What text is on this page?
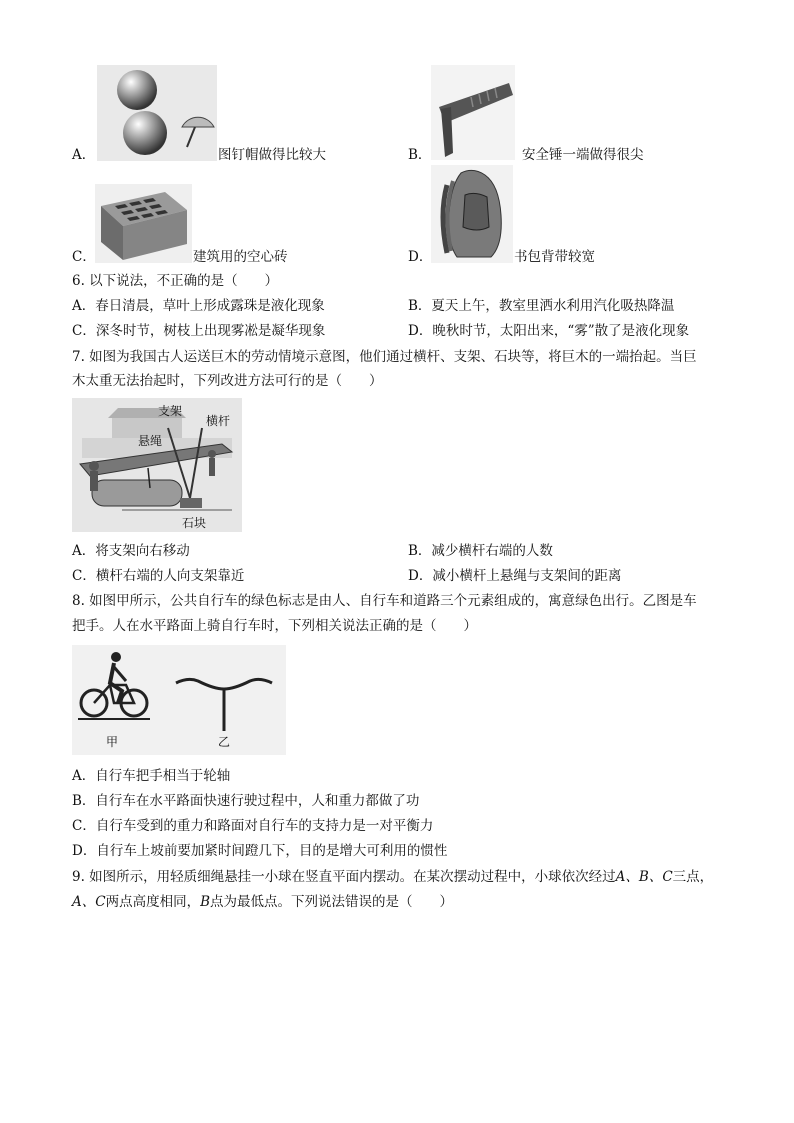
A．	图钉帽做得比较大	B．	安全锤一端做得很尖
C．	建筑用的空心砖	D．	书包背带较宽
6. 以下说法，不正确的是（　　）
A．春日清晨，草叶上形成露珠是液化现象	B．夏天上午，教室里洒水利用汽化吸热降温
C．深冬时节，树枝上出现雾凇是凝华现象	D．晚秋时节，太阳出来，“雾”散了是液化现象
7. 如图为我国古人运送巨木的劳动情境示意图，他们通过横杆、支架、石块等，将巨木的一端抬起。当巨
木太重无法抬起时，下列改进方法可行的是（　　）
支架
横杆
悬绳
石块
A．将支架向右移动	B．减少横杆右端的人数
C．横杆右端的人向支架靠近	D．减小横杆上悬绳与支架间的距离
8. 如图甲所示，公共自行车的绿色标志是由人、自行车和道路三个元素组成的，寓意绿色出行。乙图是车
把手。人在水平路面上骑自行车时，下列相关说法正确的是（　　）
甲	乙
A．自行车把手相当于轮轴
B．自行车在水平路面快速行驶过程中，人和重力都做了功
C．自行车受到的重力和路面对自行车的支持力是一对平衡力
D．自行车上坡前要加紧时间蹬几下，目的是增大可利用的惯性
9. 如图所示，用轻质细绳悬挂一小球在竖直平面内摆动。在某次摆动过程中，小球依次经过A、B、C三点，
A、C两点高度相同，B点为最低点。下列说法错误的是（　　）
